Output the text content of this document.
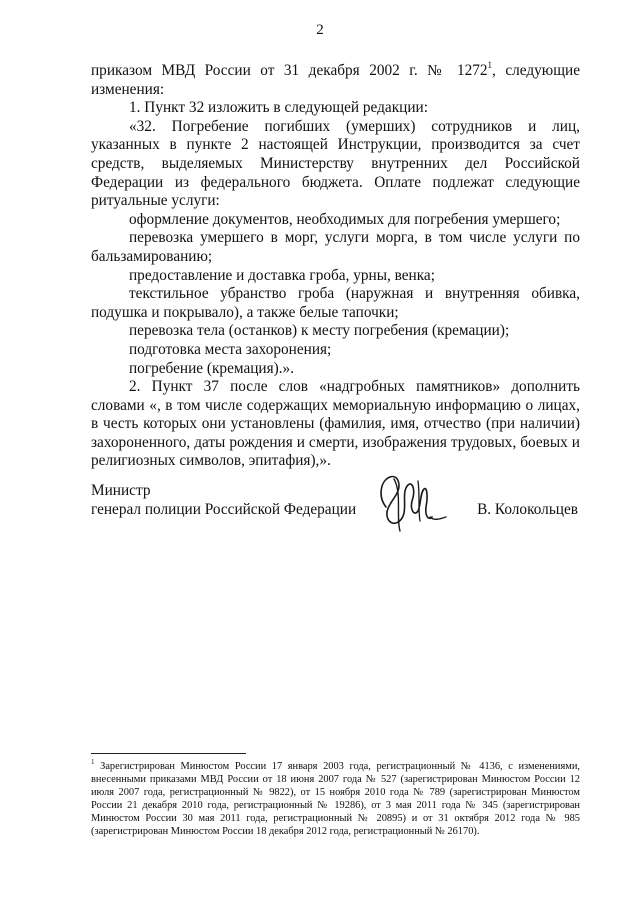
2

приказом МВД России от 31 декабря 2002 г. № 1272$^1$, следующие изменения:

1. Пункт 32 изложить в следующей редакции:

«32. Погребение погибших (умерших) сотрудников и лиц, указанных в пункте 2 настоящей Инструкции, производится за счет средств, выделяемых Министерству внутренних дел Российской Федерации из федерального бюджета. Оплате подлежат следующие ритуальные услуги:

оформление документов, необходимых для погребения умершего;

перевозка умершего в морг, услуги морга, в том числе услуги по бальзамированию;

предоставление и доставка гроба, урны, венка;

текстильное убранство гроба (наружная и внутренняя обивка, подушка и покрывало), а также белые тапочки;

перевозка тела (останков) к месту погребения (кремации);

подготовка места захоронения;

погребение (кремация).».

2. Пункт 37 после слов «надгробных памятников» дополнить словами «, в том числе содержащих мемориальную информацию о лицах, в честь которых они установлены (фамилия, имя, отчество (при наличии) захороненного, даты рождения и смерти, изображения трудовых, боевых и религиозных символов, эпитафия),».

Министр
генерал полиции Российской Федерации	В. Колокольцев
$^1$ Зарегистрирован Минюстом России 17 января 2003 года, регистрационный № 4136, с изменениями, внесенными приказами МВД России от 18 июня 2007 года № 527 (зарегистрирован Минюстом России 12 июля 2007 года, регистрационный № 9822), от 15 ноября 2010 года № 789 (зарегистрирован Минюстом России 21 декабря 2010 года, регистрационный № 19286), от 3 мая 2011 года № 345 (зарегистрирован Минюстом России 30 мая 2011 года, регистрационный № 20895) и от 31 октября 2012 года № 985 (зарегистрирован Минюстом России 18 декабря 2012 года, регистрационный № 26170).
